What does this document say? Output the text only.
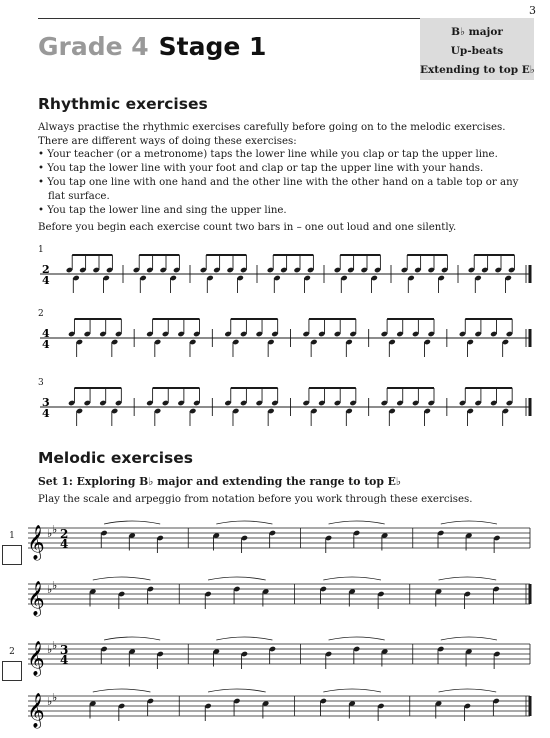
3
Grade 4 Stage 1	B♭ major
Up-beats
Extending to top E♭
Rhythmic exercises

Always practise the rhythmic exercises carefully before going on to the melodic exercises. There are different ways of doing these exercises:

• Your teacher (or a metronome) taps the lower line while you clap or tap the upper line.
• You tap the lower line with your foot and clap or tap the upper line with your hands.
• You tap one line with one hand and the other line with the other hand on a table top or any flat surface.
• You tap the lower line and sing the upper line.

Before you begin each exercise count two bars in – one out loud and one silently.

1
2
4
2
4
4
3
3
4
Melodic exercises

Set 1: Exploring B♭ major and extending the range to top E♭

Play the scale and arpeggio from notation before you work through these exercises.

1 𝄞 ♭ ♭ 2
4
𝄞 ♭ ♭
2 𝄞 ♭ ♭ 3
4
𝄞 ♭ ♭
